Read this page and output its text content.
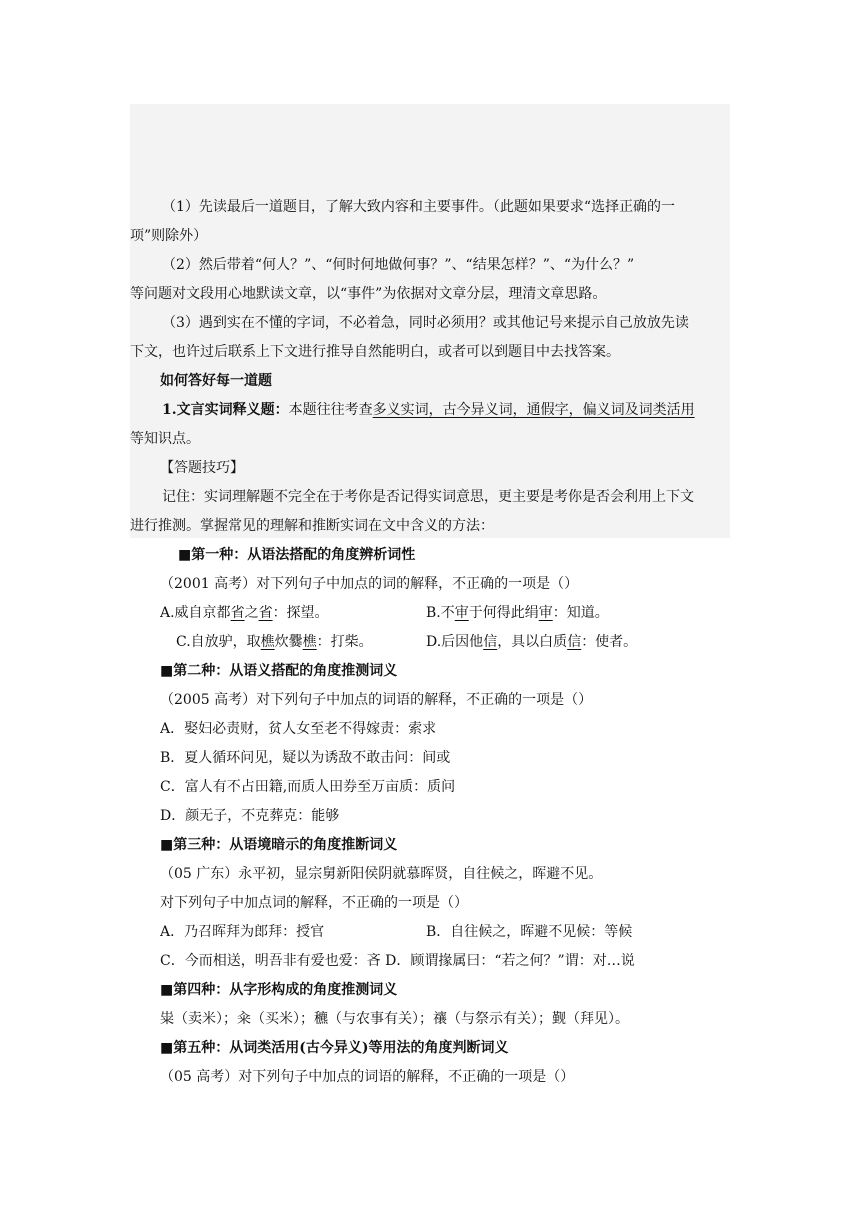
（1）先读最后一道题目，了解大致内容和主要事件。（此题如果要求“选择正确的一
项”则除外）
（2）然后带着“何人？”、“何时何地做何事？”、“结果怎样？”、“为什么？”
等问题对文段用心地默读文章，以“事件”为依据对文章分层，理清文章思路。
（3）遇到实在不懂的字词，不必着急，同时必须用？或其他记号来提示自己放放先读
下文，也许过后联系上下文进行推导自然能明白，或者可以到题目中去找答案。
如何答好每一道题
1.文言实词释义题：本题往往考查多义实词，古今异义词，通假字，偏义词及词类活用
等知识点。
【答题技巧】
记住：实词理解题不完全在于考你是否记得实词意思，更主要是考你是否会利用上下文
进行推测。掌握常见的理解和推断实词在文中含义的方法：
■第一种：从语法搭配的角度辨析词性
（2001 高考）对下列句子中加点的词的解释，不正确的一项是（）
A.威自京都省之省：探望。	B.不审于何得此绢审：知道。
C.自放驴，取樵炊爨樵：打柴。	D.后因他信，具以白质信：使者。
■第二种：从语义搭配的角度推测词义
（2005 高考）对下列句子中加点的词语的解释，不正确的一项是（）
A．娶妇必责财，贫人女至老不得嫁责：索求
B．夏人循环问见，疑以为诱敌不敢击问：间或
C．富人有不占田籍,而质人田券至万亩质：质问
D．颜无子，不克葬克：能够
■第三种：从语境暗示的角度推断词义
（05 广东）永平初，显宗舅新阳侯阴就慕晖贤，自往候之，晖避不见。
对下列句子中加点词的解释，不正确的一项是（）
A．乃召晖拜为郎拜：授官	B．自往候之，晖避不见候：等候
C．今而相送，明吾非有爱也爱：吝 D．顾谓掾属曰：“若之何？”谓：对…说
■第四种：从字形构成的角度推测词义
粜（卖米）；籴（买米）；穮（与农事有关）；禳（与祭示有关）；觐（拜见）。
■第五种：从词类活用(古今异义)等用法的角度判断词义
（05 高考）对下列句子中加点的词语的解释，不正确的一项是（）
